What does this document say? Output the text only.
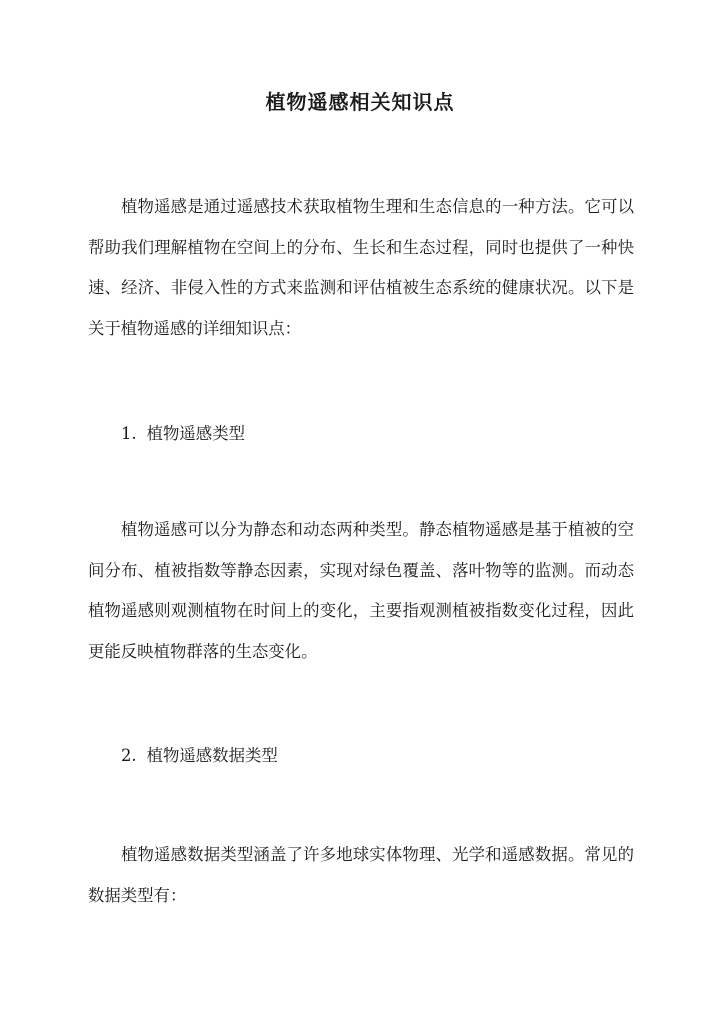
植物遥感相关知识点

植物遥感是通过遥感技术获取植物生理和生态信息的一种方法。它可以帮助我们理解植物在空间上的分布、生长和生态过程，同时也提供了一种快速、经济、非侵入性的方式来监测和评估植被生态系统的健康状况。以下是关于植物遥感的详细知识点：

1. 植物遥感类型

植物遥感可以分为静态和动态两种类型。静态植物遥感是基于植被的空间分布、植被指数等静态因素，实现对绿色覆盖、落叶物等的监测。而动态植物遥感则观测植物在时间上的变化，主要指观测植被指数变化过程，因此更能反映植物群落的生态变化。

2. 植物遥感数据类型

植物遥感数据类型涵盖了许多地球实体物理、光学和遥感数据。常见的数据类型有：
